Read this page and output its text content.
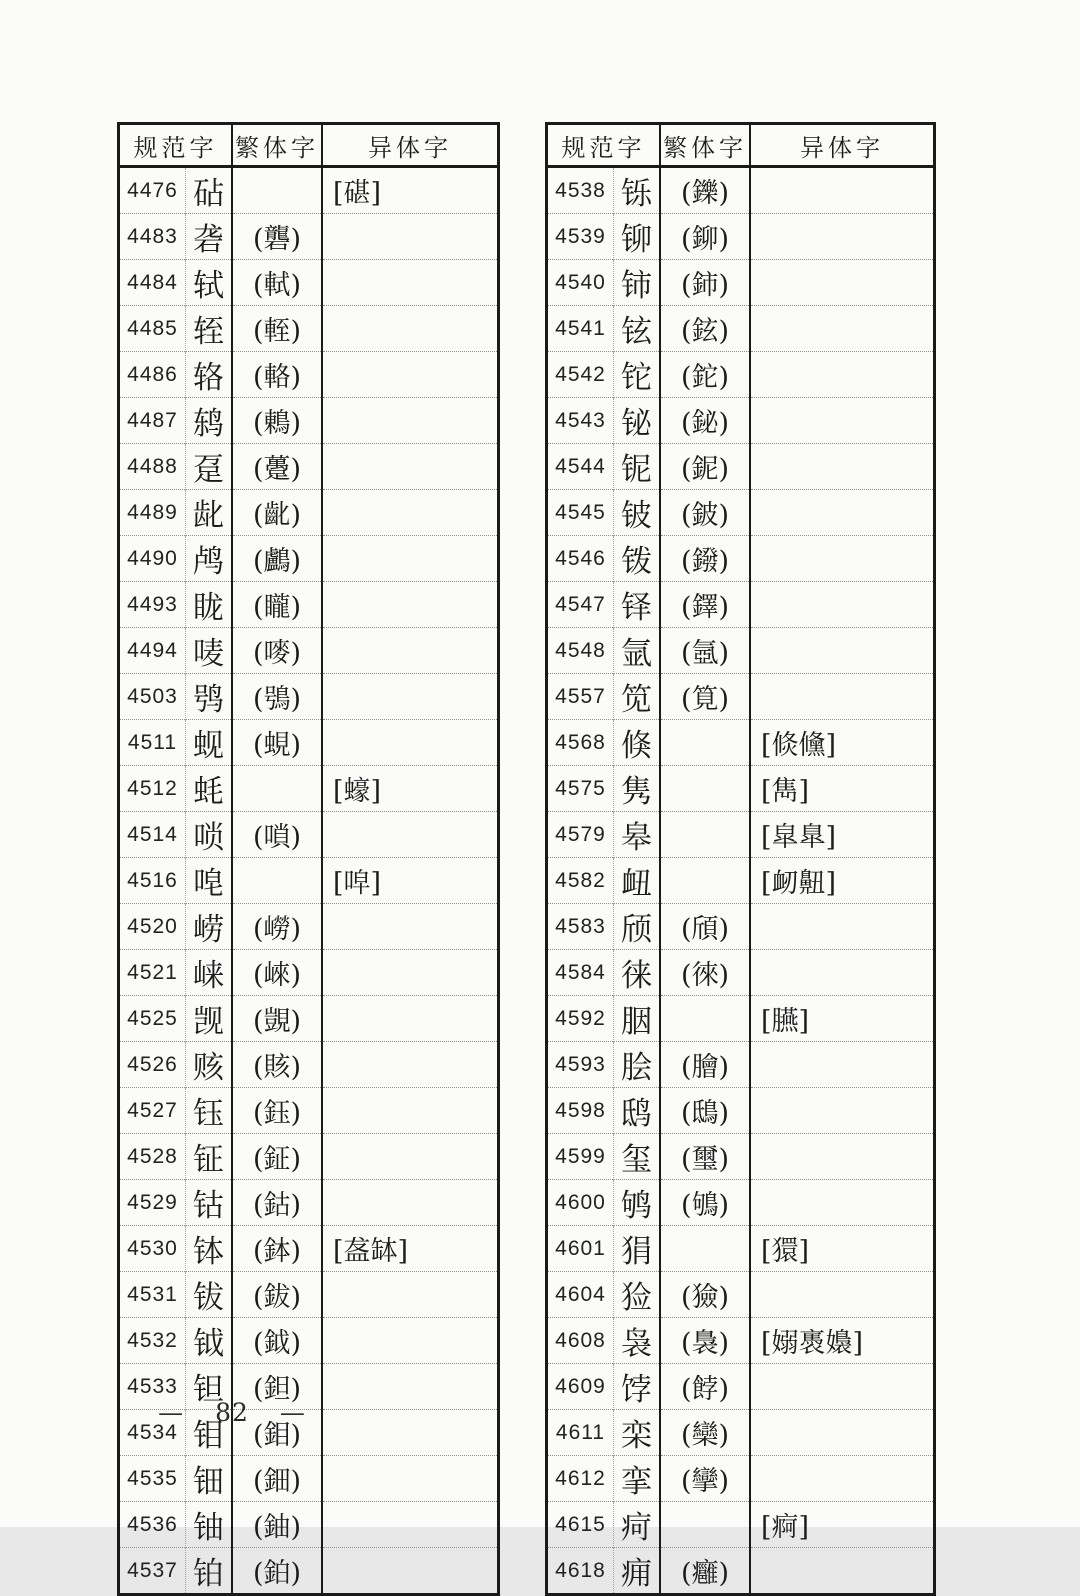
规范字		繁体字	异体字
4476	砧		[碪]
4483	砻	(礱)	
4484	轼	(軾)	
4485	轾	(輊)	
4486	辂	(輅)	
4487	鸫	(鶇)	
4488	趸	(躉)	
4489	龀	(齔)	
4490	鸬	(鸕)	
4493	眬	(矓)	
4494	唛	(嘜)	
4503	鸮	(鴞)	
4511	蚬	(蜆)	
4512	蚝		[蠔]
4514	唢	(嗩)	
4516	唣		[唕]
4520	崂	(嶗)	
4521	崃	(崍)	
4525	觊	(覬)	
4526	赅	(賅)	
4527	钰	(鈺)	
4528	钲	(鉦)	
4529	钴	(鈷)	
4530	钵	(鉢)	[盋缽]
4531	钹	(鈸)	
4532	钺	(鉞)	
4533	钽	(鉭)	
4534	钼	(鉬)	
4535	钿	(鈿)	
4536	铀	(鈾)	
4537	铂	(鉑)	
规范字		繁体字	异体字
4538	铄	(鑠)	
4539	铆	(鉚)	
4540	铈	(鈰)	
4541	铉	(鉉)	
4542	铊	(鉈)	
4543	铋	(鉍)	
4544	铌	(鈮)	
4545	铍	(鈹)	
4546	䥽	(鏺)	
4547	铎	(鐸)	
4548	氩	(氬)	
4557	笕	(筧)	
4568	倏		[倐儵]
4575	隽		[雋]
4579	皋		[皐臯]
4582	衄		[衂䶊]
4583	颀	(頎)	
4584	徕	(徠)	
4592	胭		[臙]
4593	脍	(膾)	
4598	鸱	(鴟)	
4599	玺	(璽)	
4600	鸲	(鴝)	
4601	狷		[獧]
4604	猃	(獫)	
4608	袅	(裊)	[嫋褭嬝]
4609	饽	(餑)	
4611	栾	(欒)	
4612	挛	(攣)	
4615	疴		[痾]
4618	痈	(癰)	
— 82 —
